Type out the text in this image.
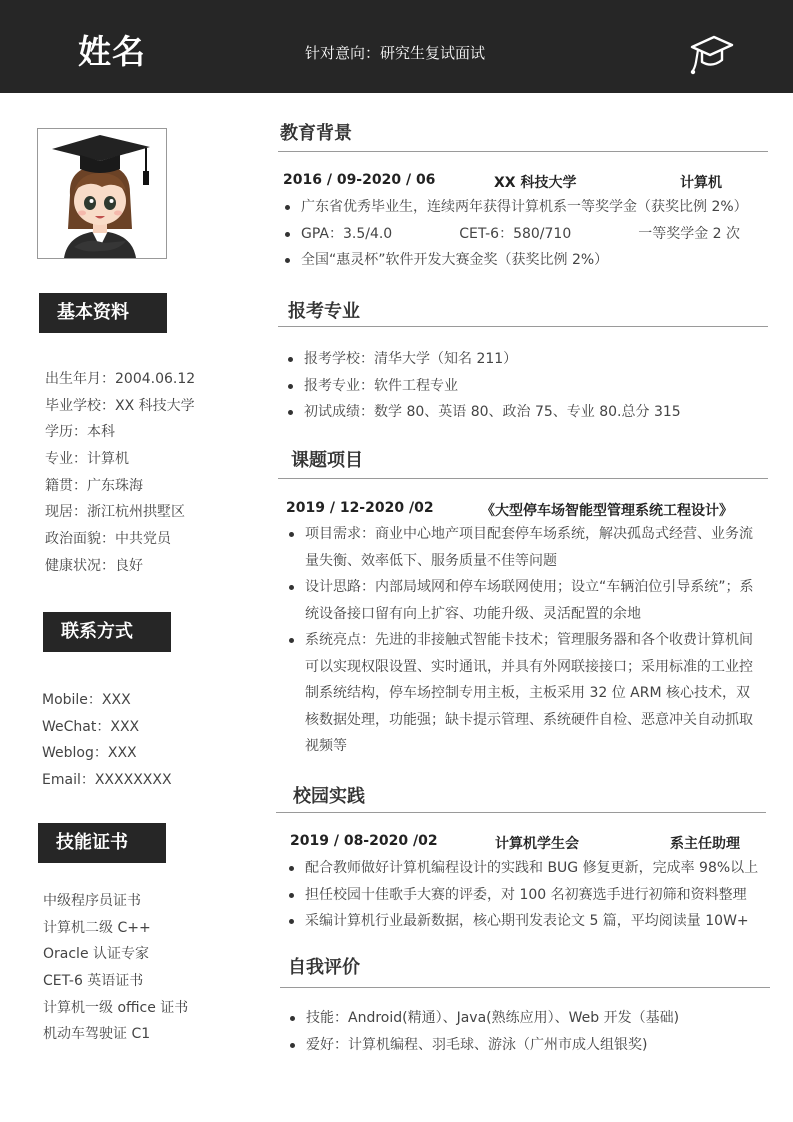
姓名	针对意向：研究生复试面试
基本资料
出生年月：2004.06.12
毕业学校：XX 科技大学
学历：本科
专业：计算机
籍贯：广东珠海
现居：浙江杭州拱墅区
政治面貌：中共党员
健康状况：良好
联系方式
Mobile：XXX
WeChat：XXX
Weblog：XXX
Email：XXXXXXXX
技能证书
中级程序员证书
计算机二级 C++
Oracle 认证专家
CET-6 英语证书
计算机一级 office 证书
机动车驾驶证 C1
教育背景
2016 / 09-2020 / 06	XX 科技大学	计算机
广东省优秀毕业生，连续两年获得计算机系一等奖学金（获奖比例 2%）
GPA：3.5/4.0	CET-6：580/710	一等奖学金 2 次
全国“惠灵杯”软件开发大赛金奖（获奖比例 2%）
报考专业
报考学校：清华大学（知名 211）
报考专业：软件工程专业
初试成绩：数学 80、英语 80、政治 75、专业 80.总分 315
课题项目
2019 / 12-2020 /02	《大型停车场智能型管理系统工程设计》
项目需求：商业中心地产项目配套停车场系统，解决孤岛式经营、业务流量失衡、效率低下、服务质量不佳等问题
设计思路：内部局域网和停车场联网使用；设立“车辆泊位引导系统”；系统设备接口留有向上扩容、功能升级、灵活配置的余地
系统亮点：先进的非接触式智能卡技术；管理服务器和各个收费计算机间可以实现权限设置、实时通讯，并具有外网联接接口；采用标准的工业控制系统结构，停车场控制专用主板，主板采用 32 位 ARM 核心技术，双核数据处理，功能强；缺卡提示管理、系统硬件自检、恶意冲关自动抓取视频等
校园实践
2019 / 08-2020 /02	计算机学生会	系主任助理
配合教师做好计算机编程设计的实践和 BUG 修复更新，完成率 98%以上
担任校园十佳歌手大赛的评委，对 100 名初赛选手进行初筛和资料整理
采编计算机行业最新数据，核心期刊发表论文 5 篇，平均阅读量 10W+
自我评价
技能：Android(精通）、Java(熟练应用）、Web 开发（基础)
爱好：计算机编程、羽毛球、游泳（广州市成人组银奖)
